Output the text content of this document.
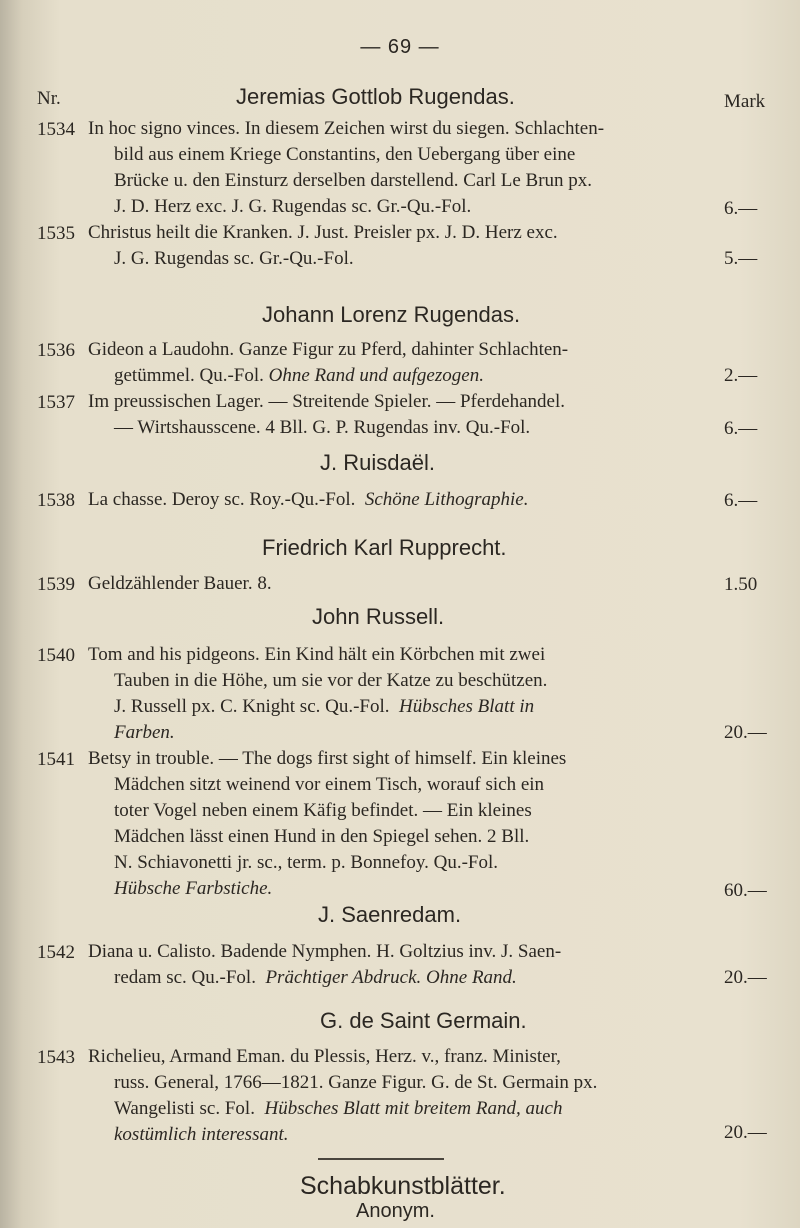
— 69 —
Nr.	Mark
Jeremias Gottlob Rugendas.
1534 In hoc signo vinces. In diesem Zeichen wirst du siegen. Schlachten-
bild aus einem Kriege Constantins, den Uebergang über eine
Brücke u. den Einsturz derselben darstellend. Carl Le Brun px.
J. D. Herz exc. J. G. Rugendas sc. Gr.-Qu.-Fol.	6.—
1535 Christus heilt die Kranken. J. Just. Preisler px. J. D. Herz exc.
J. G. Rugendas sc. Gr.-Qu.-Fol.	5.—
Johann Lorenz Rugendas.
1536 Gideon a Laudohn. Ganze Figur zu Pferd, dahinter Schlachten-
getümmel. Qu.-Fol. Ohne Rand und aufgezogen.	2.—
1537 Im preussischen Lager. — Streitende Spieler. — Pferdehandel.
— Wirtshausscene. 4 Bll. G. P. Rugendas inv. Qu.-Fol.	6.—
J. Ruisdaël.
1538 La chasse. Deroy sc. Roy.-Qu.-Fol. Schöne Lithographie.	6.—
Friedrich Karl Rupprecht.
1539 Geldzählender Bauer. 8.	1.50
John Russell.
1540 Tom and his pidgeons. Ein Kind hält ein Körbchen mit zwei
Tauben in die Höhe, um sie vor der Katze zu beschützen.
J. Russell px. C. Knight sc. Qu.-Fol. Hübsches Blatt in
Farben.	20.—
1541 Betsy in trouble. — The dogs first sight of himself. Ein kleines
Mädchen sitzt weinend vor einem Tisch, worauf sich ein
toter Vogel neben einem Käfig befindet. — Ein kleines
Mädchen lässt einen Hund in den Spiegel sehen. 2 Bll.
N. Schiavonetti jr. sc., term. p. Bonnefoy. Qu.-Fol.
Hübsche Farbstiche.	60.—
J. Saenredam.
1542 Diana u. Calisto. Badende Nymphen. H. Goltzius inv. J. Saen-
redam sc. Qu.-Fol. Prächtiger Abdruck. Ohne Rand.	20.—
G. de Saint Germain.
1543 Richelieu, Armand Eman. du Plessis, Herz. v., franz. Minister,
russ. General, 1766—1821. Ganze Figur. G. de St. Germain px.
Wangelisti sc. Fol. Hübsches Blatt mit breitem Rand, auch
kostümlich interessant.	20.—
Schabkunstblätter.
Anonym.
